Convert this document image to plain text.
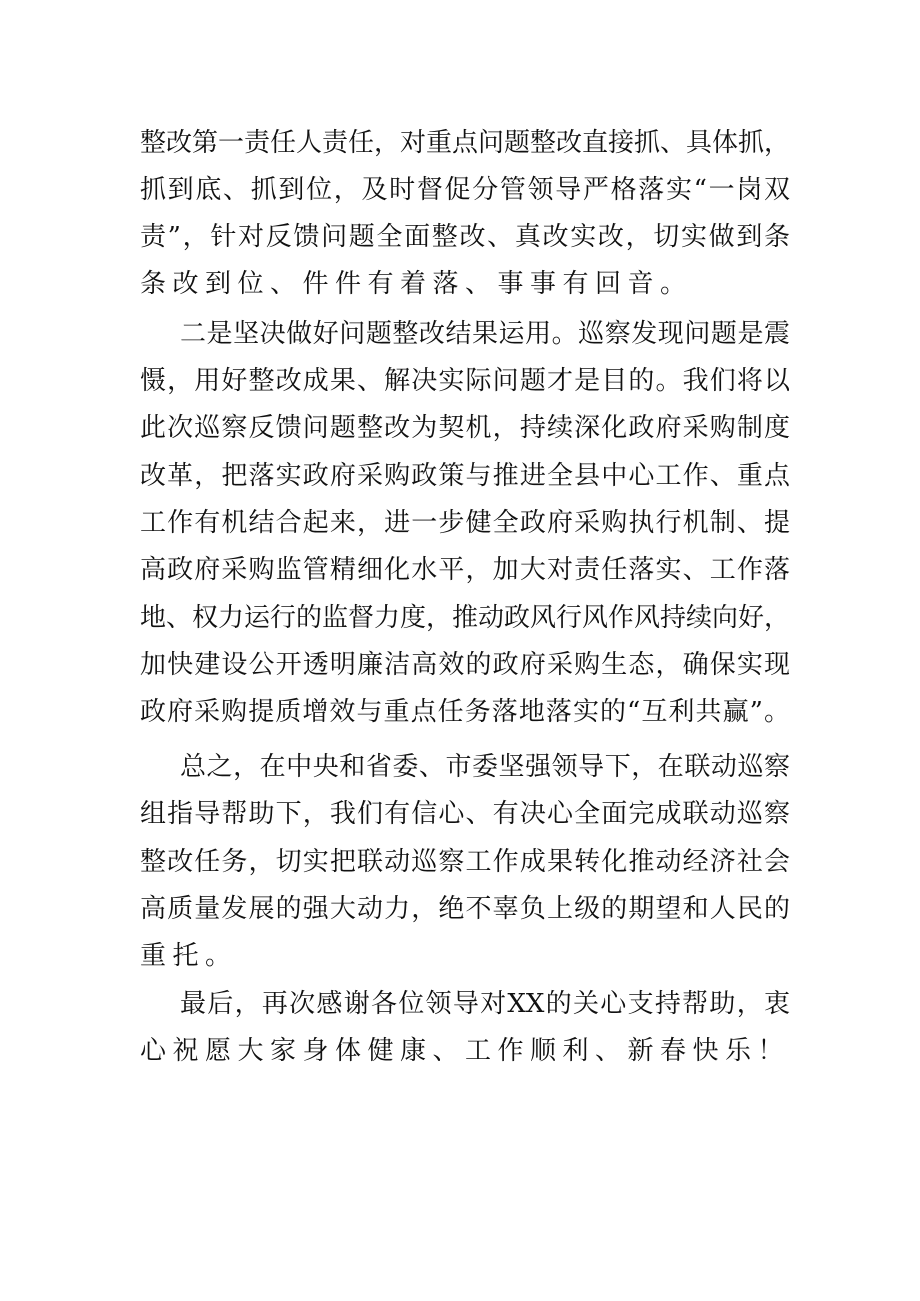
整改第一责任人责任，对重点问题整改直接抓、具体抓，
抓到底、抓到位，及时督促分管领导严格落实“一岗双
责”，针对反馈问题全面整改、真改实改，切实做到条
条改到位、件件有着落、事事有回音。
二是坚决做好问题整改结果运用。巡察发现问题是震
慑，用好整改成果、解决实际问题才是目的。我们将以
此次巡察反馈问题整改为契机，持续深化政府采购制度
改革，把落实政府采购政策与推进全县中心工作、重点
工作有机结合起来，进一步健全政府采购执行机制、提
高政府采购监管精细化水平，加大对责任落实、工作落
地、权力运行的监督力度，推动政风行风作风持续向好，
加快建设公开透明廉洁高效的政府采购生态，确保实现
政府采购提质增效与重点任务落地落实的“互利共赢”。
总之，在中央和省委、市委坚强领导下，在联动巡察
组指导帮助下，我们有信心、有决心全面完成联动巡察
整改任务，切实把联动巡察工作成果转化推动经济社会
高质量发展的强大动力，绝不辜负上级的期望和人民的
重托。
最后，再次感谢各位领导对XX的关心支持帮助，衷
心祝愿大家身体健康、工作顺利、新春快乐！
